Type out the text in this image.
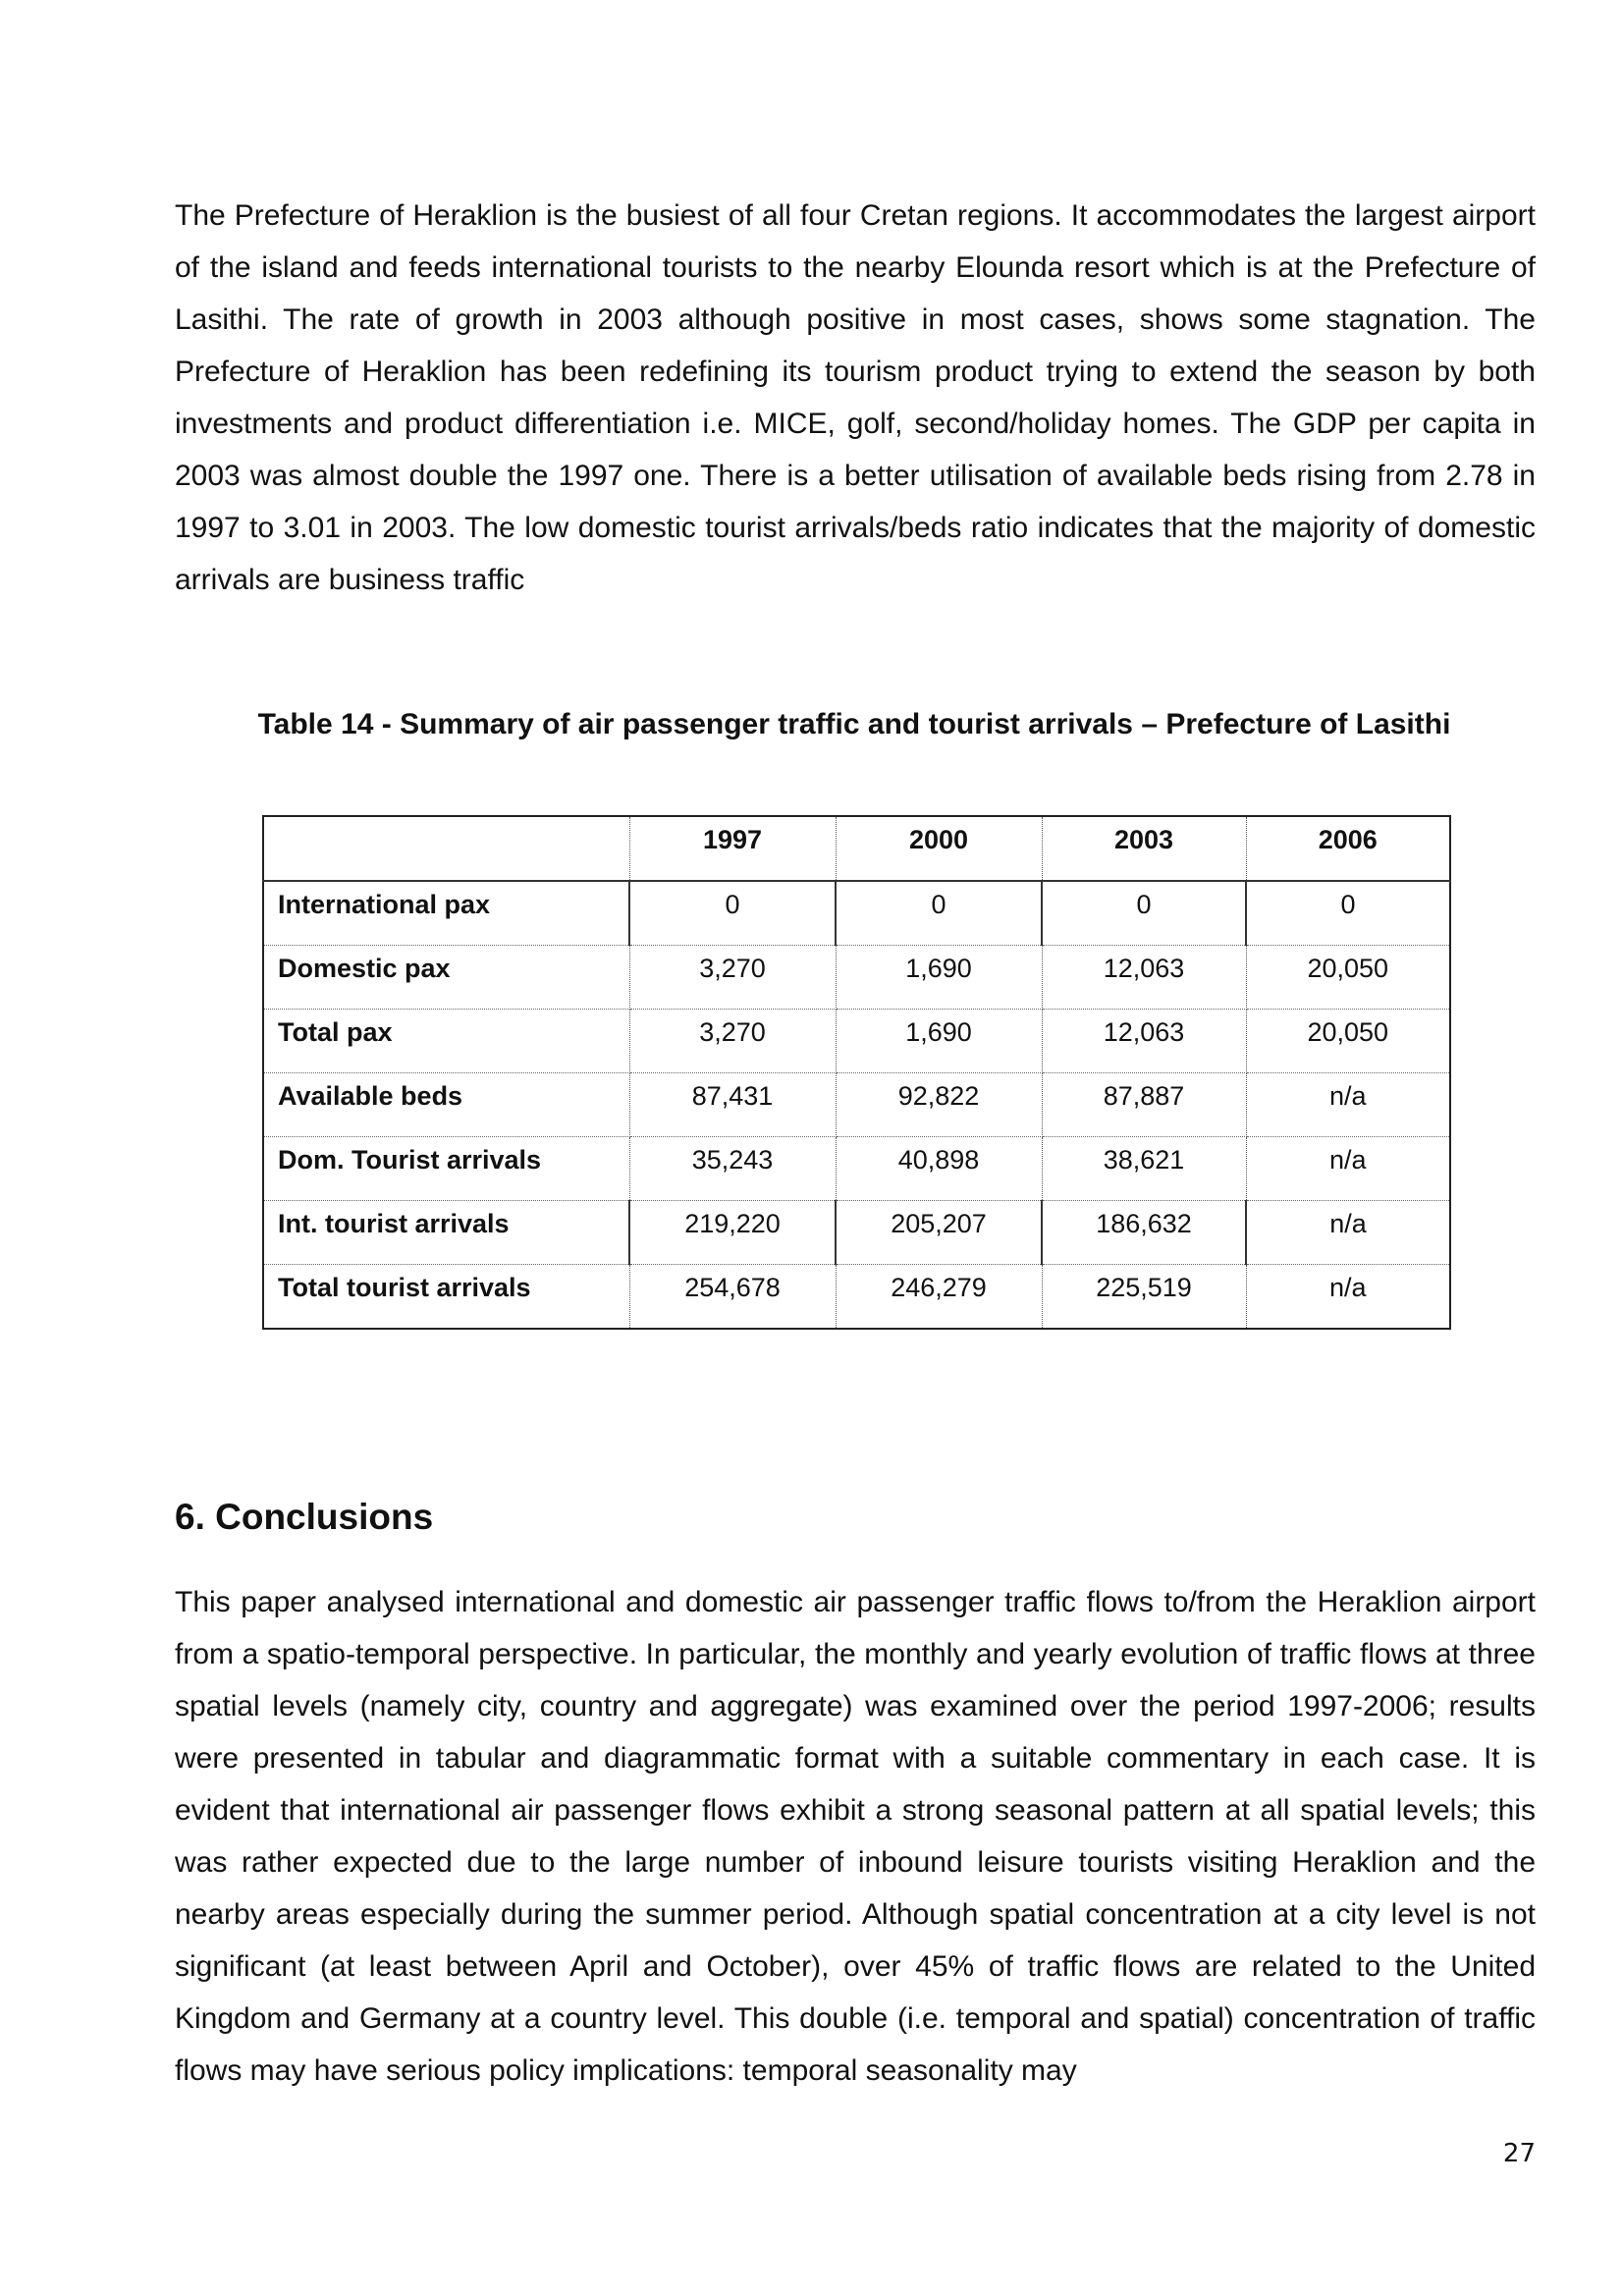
The Prefecture of Heraklion is the busiest of all four Cretan regions. It accommodates the largest airport of the island and feeds international tourists to the nearby Elounda resort which is at the Prefecture of Lasithi. The rate of growth in 2003 although positive in most cases, shows some stagnation. The Prefecture of Heraklion has been redefining its tourism product trying to extend the season by both investments and product differentiation i.e. MICE, golf, second/holiday homes. The GDP per capita in 2003 was almost double the 1997 one. There is a better utilisation of available beds rising from 2.78 in 1997 to 3.01 in 2003. The low domestic tourist arrivals/beds ratio indicates that the majority of domestic arrivals are business traffic

Table 14 - Summary of air passenger traffic and tourist arrivals – Prefecture of Lasithi

	1997	2000	2003	2006

International pax	0	0	0	0

Domestic pax	3,270	1,690	12,063	20,050

Total pax	3,270	1,690	12,063	20,050

Available beds	87,431	92,822	87,887	n/a

Dom. Tourist arrivals	35,243	40,898	38,621	n/a

Int. tourist arrivals	219,220	205,207	186,632	n/a

Total tourist arrivals	254,678	246,279	225,519	n/a
6. Conclusions

This paper analysed international and domestic air passenger traffic flows to/from the Heraklion airport from a spatio-temporal perspective. In particular, the monthly and yearly evolution of traffic flows at three spatial levels (namely city, country and aggregate) was examined over the period 1997-2006; results were presented in tabular and diagrammatic format with a suitable commentary in each case. It is evident that international air passenger flows exhibit a strong seasonal pattern at all spatial levels; this was rather expected due to the large number of inbound leisure tourists visiting Heraklion and the nearby areas especially during the summer period. Although spatial concentration at a city level is not significant (at least between April and October), over 45% of traffic flows are related to the United Kingdom and Germany at a country level. This double (i.e. temporal and spatial) concentration of traffic flows may have serious policy implications: temporal seasonality may

27
